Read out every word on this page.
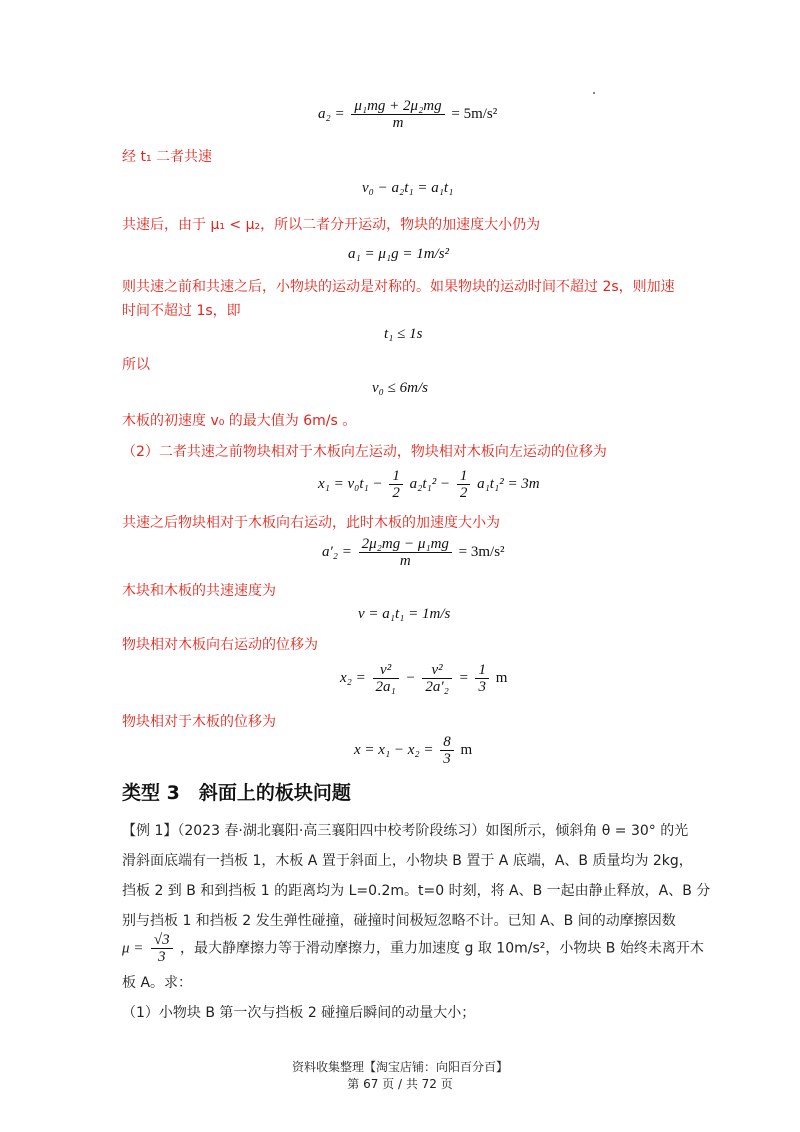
$a_2 = \frac{\text{μ₁mg + 2μ₂mg}}{m} = 5m/s^2$
经 t₁ 二者共速
v₀ − a₂t₁ = a₁t₁
共速后，由于 μ₁ < μ₂，所以二者分开运动，物块的加速度大小仍为
a₁ = μ₁g = 1m/s²
则共速之前和共速之后，小物块的运动是对称的。如果物块的运动时间不超过 2s，则加速
时间不超过 1s，即
t₁ ≤ 1s
所以
v₀ ≤ 6m/s
木板的初速度 v₀ 的最大值为 6m/s 。
（2）二者共速之前物块相对于木板向左运动，物块相对木板向左运动的位移为
$x_1 = v_0t_1 - \frac{1}{2} a_2t_1^2 - \frac{1}{2} a_1t_1^2 = 3m$
共速之后物块相对于木板向右运动，此时木板的加速度大小为
$a'_2 = \frac{\text{2μ₂mg − μ₁mg}}{m} = 3m/s^2$
木块和木板的共速速度为
v = a₁t₁ = 1m/s
物块相对木板向右运动的位移为
$x_2 = \frac{\text{v²}}{\text{2a₁}} - \frac{\text{v²}}{\text{2a′₂}} = \frac{1}{3}$ m
物块相对于木板的位移为
$x = x_1 - x_2 = \frac{8}{3}$ m
类型 3　斜面上的板块问题
【例 1】（2023 春·湖北襄阳·高三襄阳四中校考阶段练习）如图所示，倾斜角 θ = 30° 的光
滑斜面底端有一挡板 1，木板 A 置于斜面上，小物块 B 置于 A 底端，A、B 质量均为 2kg，
挡板 2 到 B 和到挡板 1 的距离均为 L=0.2m。t=0 时刻，将 A、B 一起由静止释放，A、B 分
别与挡板 1 和挡板 2 发生弹性碰撞，碰撞时间极短忽略不计。已知 A、B 间的动摩擦因数
$\mu = \frac{√3}{3}$ ，最大静摩擦力等于滑动摩擦力，重力加速度 g 取 10m/s²，小物块 B 始终未离开木
板 A。求：
（1）小物块 B 第一次与挡板 2 碰撞后瞬间的动量大小；
资料收集整理【淘宝店铺：向阳百分百】
第 67 页 / 共 72 页
